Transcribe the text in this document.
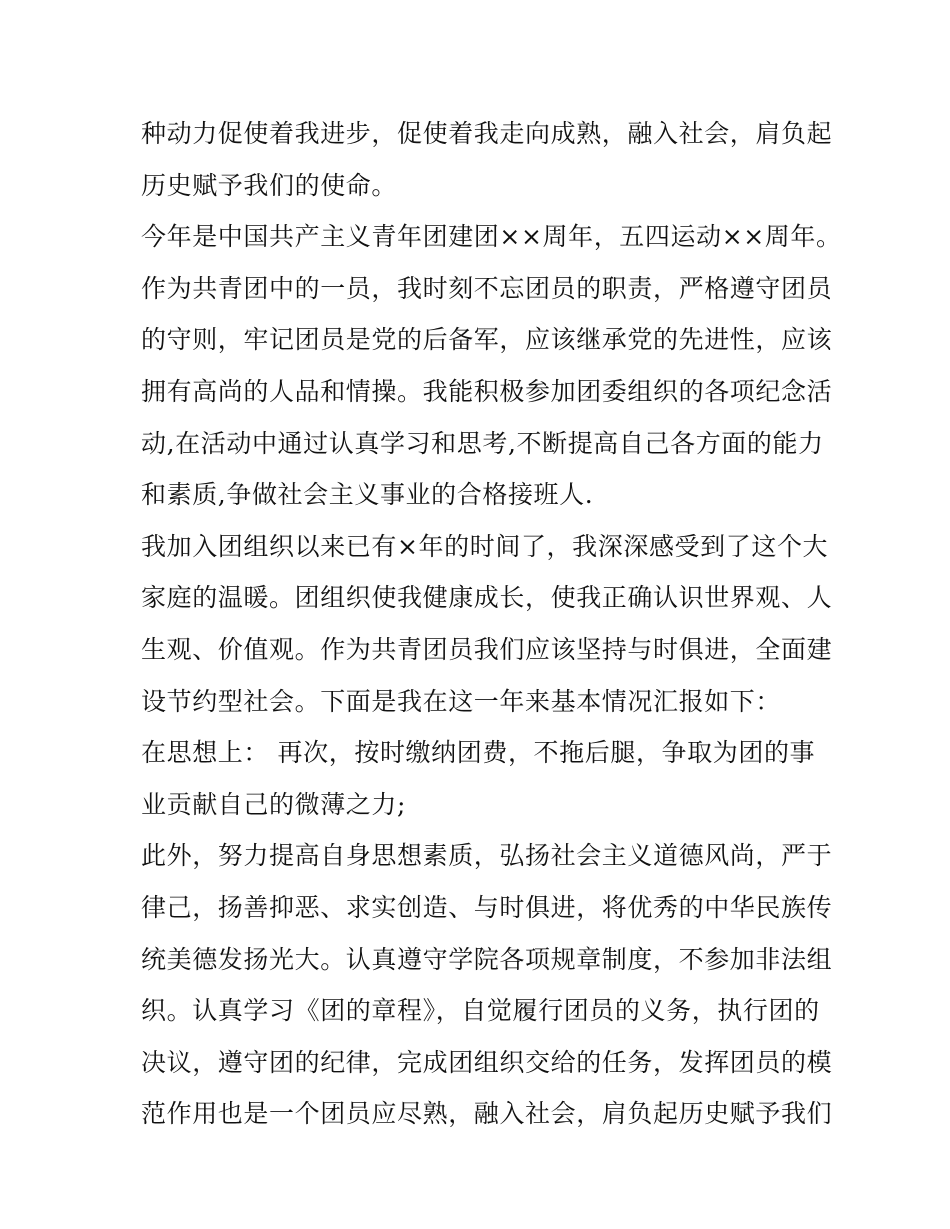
种动力促使着我进步，促使着我走向成熟，融入社会，肩负起
历史赋予我们的使命。
今年是中国共产主义青年团建团××周年，五四运动××周年。
作为共青团中的一员，我时刻不忘团员的职责，严格遵守团员
的守则，牢记团员是党的后备军，应该继承党的先进性，应该
拥有高尚的人品和情操。我能积极参加团委组织的各项纪念活
动,在活动中通过认真学习和思考,不断提高自己各方面的能力
和素质,争做社会主义事业的合格接班人.
我加入团组织以来已有×年的时间了，我深深感受到了这个大
家庭的温暖。团组织使我健康成长，使我正确认识世界观、人
生观、价值观。作为共青团员我们应该坚持与时俱进，全面建
设节约型社会。下面是我在这一年来基本情况汇报如下：
在思想上： 再次，按时缴纳团费，不拖后腿，争取为团的事
业贡献自己的微薄之力;
此外，努力提高自身思想素质，弘扬社会主义道德风尚，严于
律己，扬善抑恶、求实创造、与时俱进，将优秀的中华民族传
统美德发扬光大。认真遵守学院各项规章制度，不参加非法组
织。认真学习《团的章程》，自觉履行团员的义务，执行团的
决议，遵守团的纪律，完成团组织交给的任务，发挥团员的模
范作用也是一个团员应尽熟，融入社会，肩负起历史赋予我们
